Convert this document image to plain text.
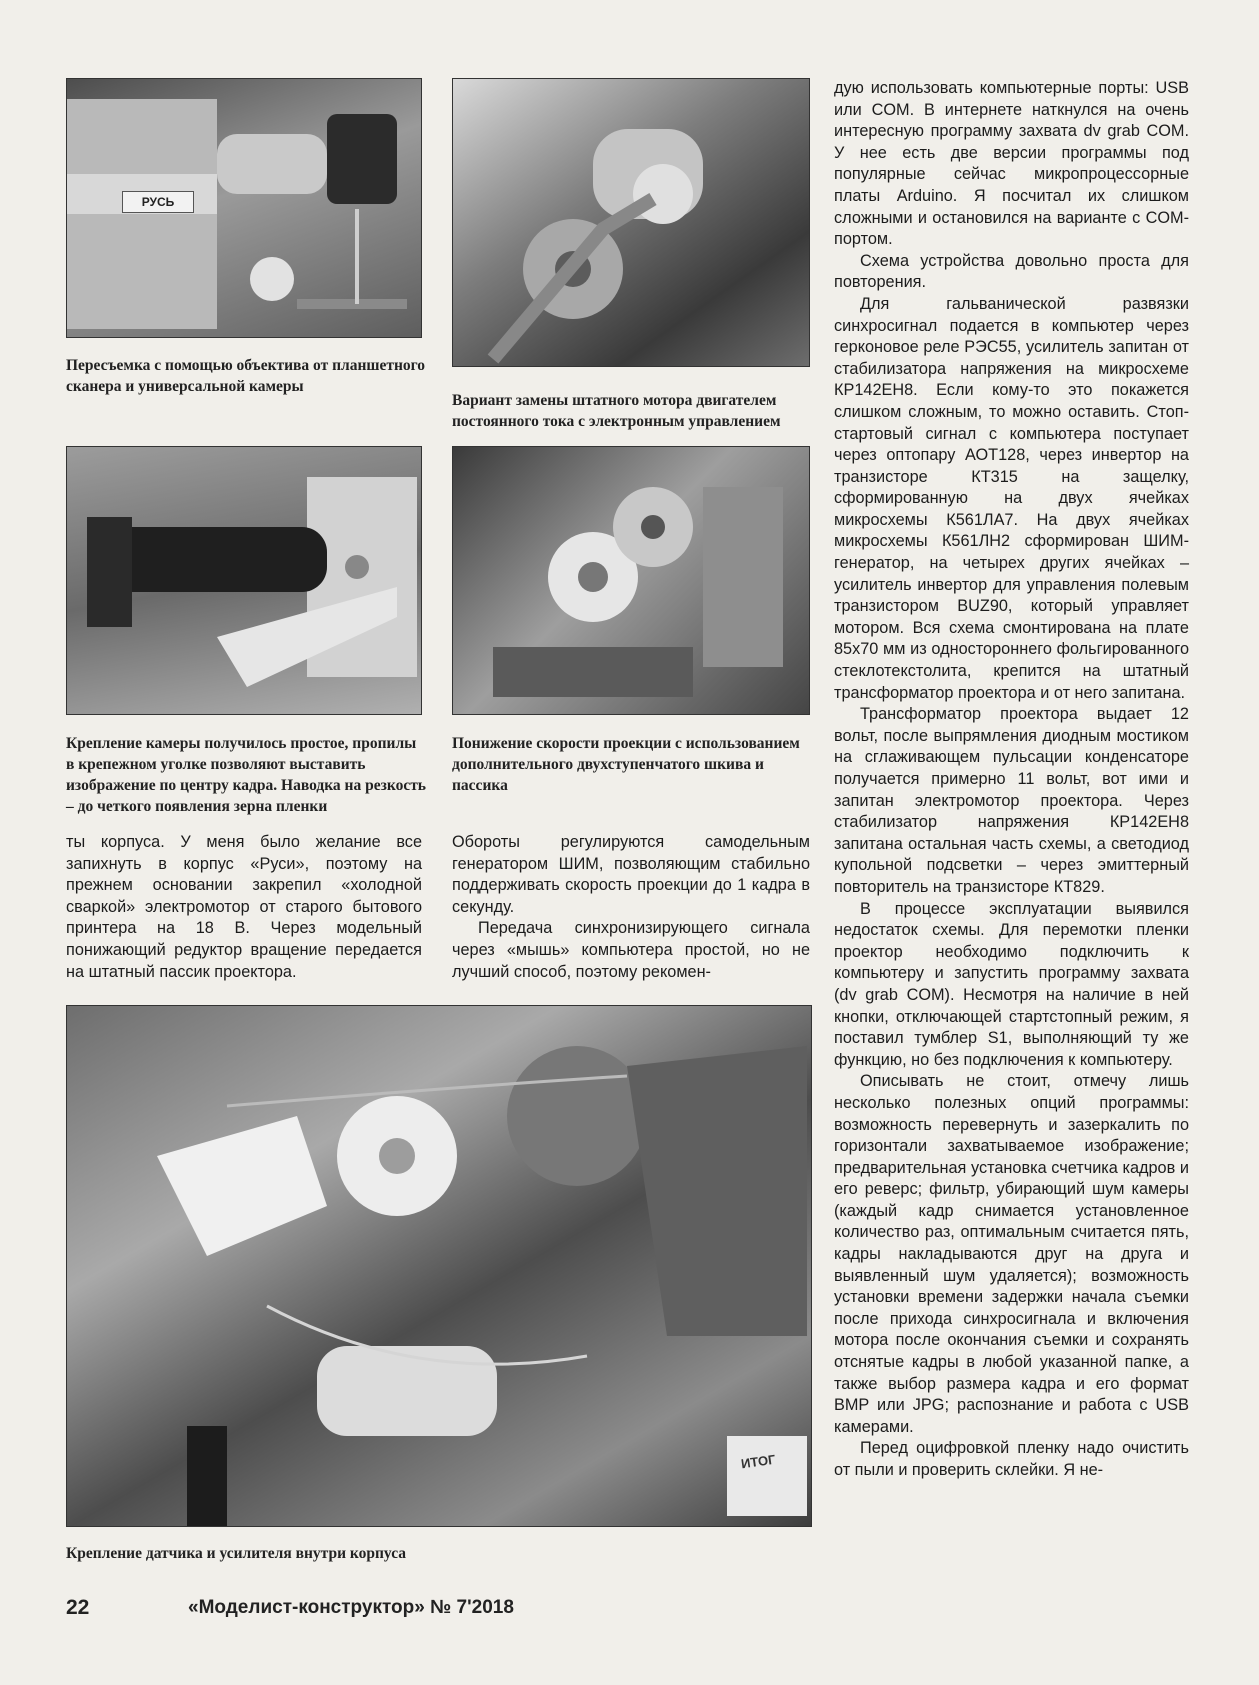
РУСЬ
Пересъемка с помощью объектива от планшетного сканера и универсальной камеры
Вариант замены штатного мотора двигателем постоянного тока с электронным управлением
Крепление камеры получилось простое, пропилы в крепежном уголке позволяют выставить изображение по центру кадра. Наводка на резкость – до четкого появления зерна пленки
Понижение скорости проекции с использованием дополнительного двухступенчатого шкива и пассика

ты корпуса. У меня было желание все запихнуть в корпус «Руси», поэтому на прежнем основании закрепил «холодной сваркой» электромотор от старого бытового принтера на 18 В. Через модельный понижающий редуктор вращение передается на штатный пассик проектора.

Обороты регулируются самодельным генератором ШИМ, позволяющим стабильно поддерживать скорость проекции до 1 кадра в секунду.

Передача синхронизирующего сигнала через «мышь» компьютера простой, но не лучший способ, поэтому рекомен-

ИТОГ
Крепление датчика и усилителя внутри корпуса

дую использовать компьютерные порты: USB или COM. В интернете наткнулся на очень интересную программу захвата dv grab COM. У нее есть две версии программы под популярные сейчас микропроцессорные платы Arduino. Я посчитал их слишком сложными и остановился на варианте с COM-портом.

Схема устройства довольно проста для повторения.

Для гальванической развязки синхросигнал подается в компьютер через герконовое реле РЭС55, усилитель запитан от стабилизатора напряжения на микросхеме КР142ЕН8. Если кому-то это покажется слишком сложным, то можно оставить. Стоп-стартовый сигнал с компьютера поступает через оптопару АОТ128, через инвертор на транзисторе КТ315 на защелку, сформированную на двух ячейках микросхемы К561ЛА7. На двух ячейках микросхемы К561ЛН2 сформирован ШИМ-генератор, на четырех других ячейках – усилитель инвертор для управления полевым транзистором BUZ90, который управляет мотором. Вся схема смонтирована на плате 85х70 мм из одностороннего фольгированного стеклотекстолита, крепится на штатный трансформатор проектора и от него запитана.

Трансформатор проектора выдает 12 вольт, после выпрямления диодным мостиком на сглаживающем пульсации конденсаторе получается примерно 11 вольт, вот ими и запитан электромотор проектора. Через стабилизатор напряжения КР142ЕН8 запитана остальная часть схемы, а светодиод купольной подсветки – через эмиттерный повторитель на транзисторе КТ829.

В процессе эксплуатации выявился недостаток схемы. Для перемотки пленки проектор необходимо подключить к компьютеру и запустить программу захвата (dv grab COM). Несмотря на наличие в ней кнопки, отключающей стартстопный режим, я поставил тумблер S1, выполняющий ту же функцию, но без подключения к компьютеру.

Описывать не стоит, отмечу лишь несколько полезных опций программы: возможность перевернуть и зазеркалить по горизонтали захватываемое изображение; предварительная установка счетчика кадров и его реверс; фильтр, убирающий шум камеры (каждый кадр снимается установленное количество раз, оптимальным считается пять, кадры накладываются друг на друга и выявленный шум удаляется); возможность установки времени задержки начала съемки после прихода синхросигнала и включения мотора после окончания съемки и сохранять отснятые кадры в любой указанной папке, а также выбор размера кадра и его формат BMP или JPG; распознание и работа с USB камерами.

Перед оцифровкой пленку надо очистить от пыли и проверить склейки. Я не-

22	«Моделист-конструктор» № 7'2018
